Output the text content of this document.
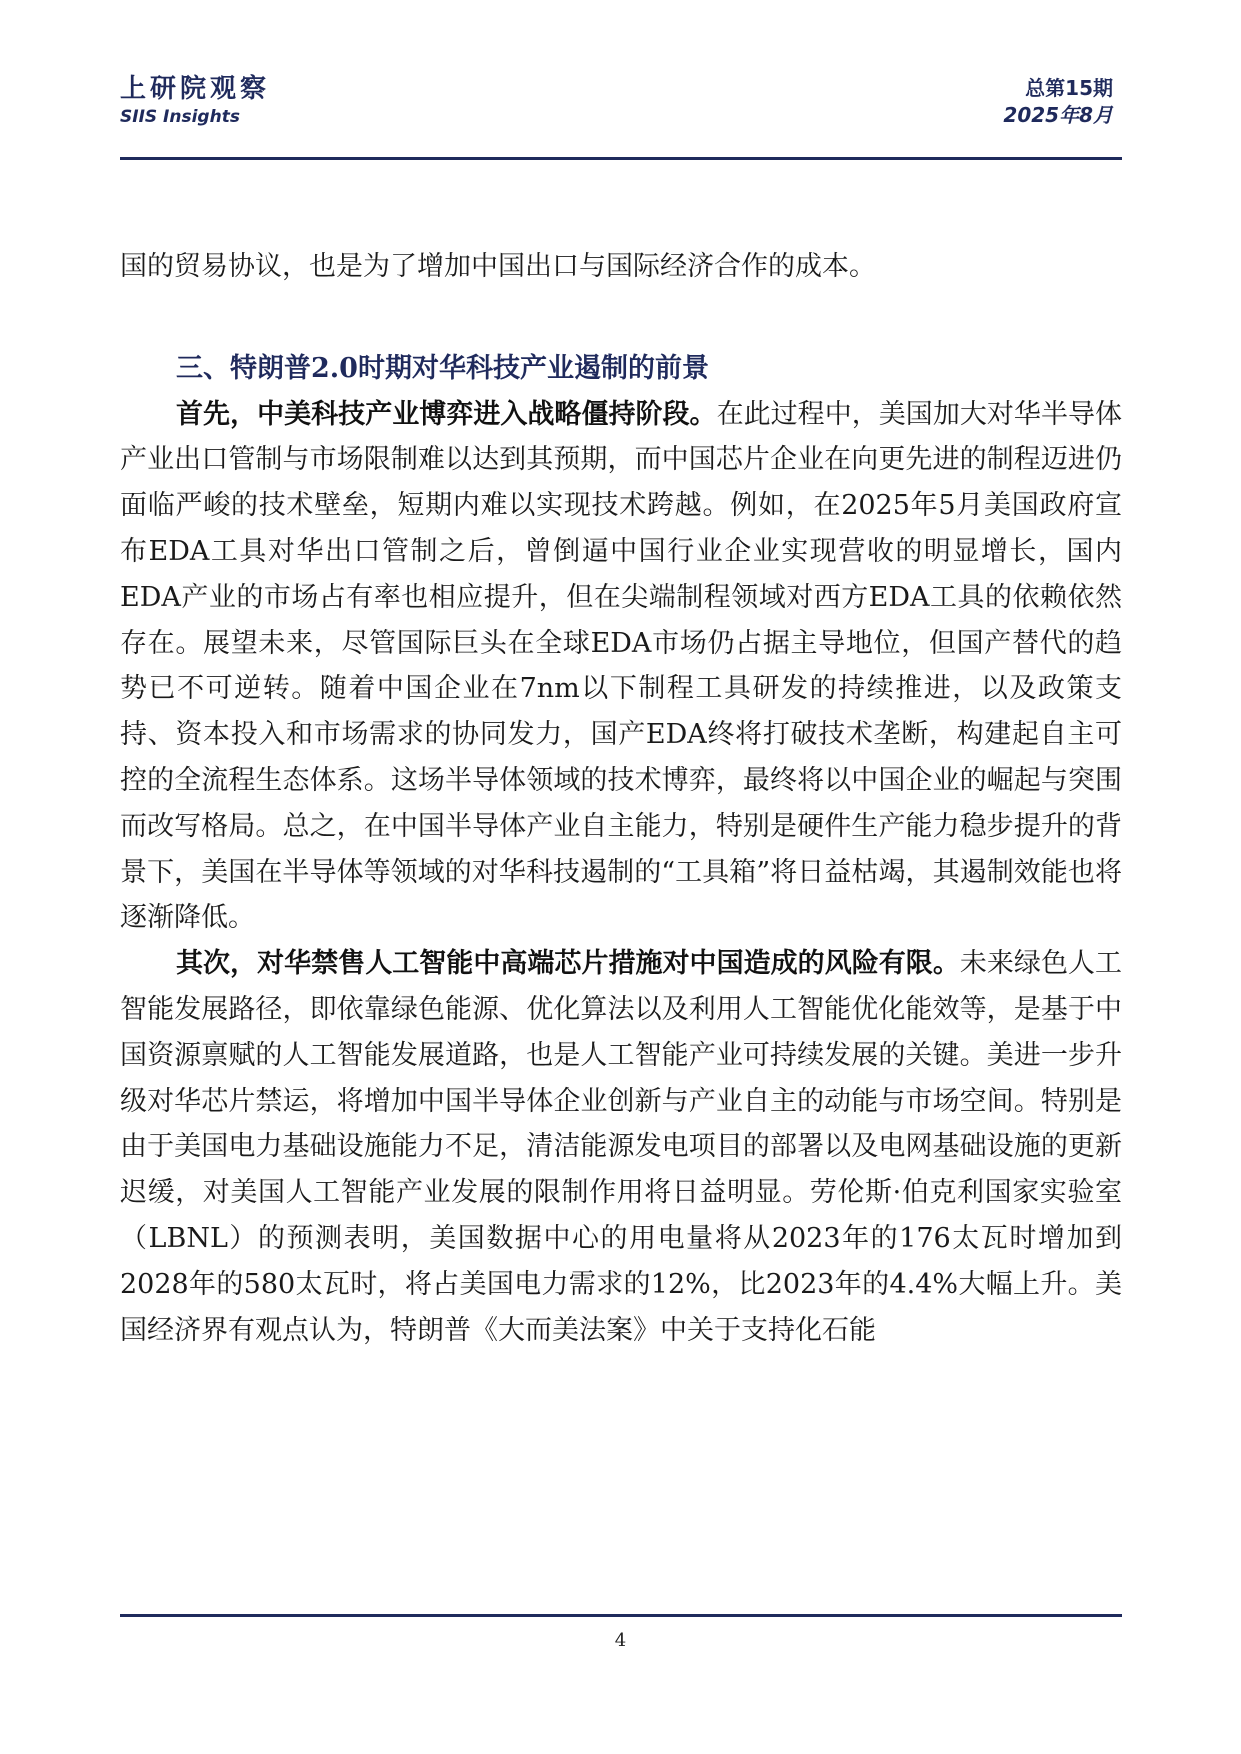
上研院观察
SIIS Insights
总第15期
2025年8月

国的贸易协议，也是为了增加中国出口与国际经济合作的成本。

三、特朗普2.0时期对华科技产业遏制的前景

首先，中美科技产业博弈进入战略僵持阶段。在此过程中，美国加大对华半导体产业出口管制与市场限制难以达到其预期，而中国芯片企业在向更先进的制程迈进仍面临严峻的技术壁垒，短期内难以实现技术跨越。例如，在2025年5月美国政府宣布EDA工具对华出口管制之后，曾倒逼中国行业企业实现营收的明显增长，国内EDA产业的市场占有率也相应提升，但在尖端制程领域对西方EDA工具的依赖依然存在。展望未来，尽管国际巨头在全球EDA市场仍占据主导地位，但国产替代的趋势已不可逆转。随着中国企业在7nm以下制程工具研发的持续推进，以及政策支持、资本投入和市场需求的协同发力，国产EDA终将打破技术垄断，构建起自主可控的全流程生态体系。这场半导体领域的技术博弈，最终将以中国企业的崛起与突围而改写格局。总之，在中国半导体产业自主能力，特别是硬件生产能力稳步提升的背景下，美国在半导体等领域的对华科技遏制的“工具箱”将日益枯竭，其遏制效能也将逐渐降低。

其次，对华禁售人工智能中高端芯片措施对中国造成的风险有限。未来绿色人工智能发展路径，即依靠绿色能源、优化算法以及利用人工智能优化能效等，是基于中国资源禀赋的人工智能发展道路，也是人工智能产业可持续发展的关键。美进一步升级对华芯片禁运，将增加中国半导体企业创新与产业自主的动能与市场空间。特别是由于美国电力基础设施能力不足，清洁能源发电项目的部署以及电网基础设施的更新迟缓，对美国人工智能产业发展的限制作用将日益明显。劳伦斯·伯克利国家实验室（LBNL）的预测表明，美国数据中心的用电量将从2023年的176太瓦时增加到2028年的580太瓦时，将占美国电力需求的12%，比2023年的4.4%大幅上升。美国经济界有观点认为，特朗普《大而美法案》中关于支持化石能

4
